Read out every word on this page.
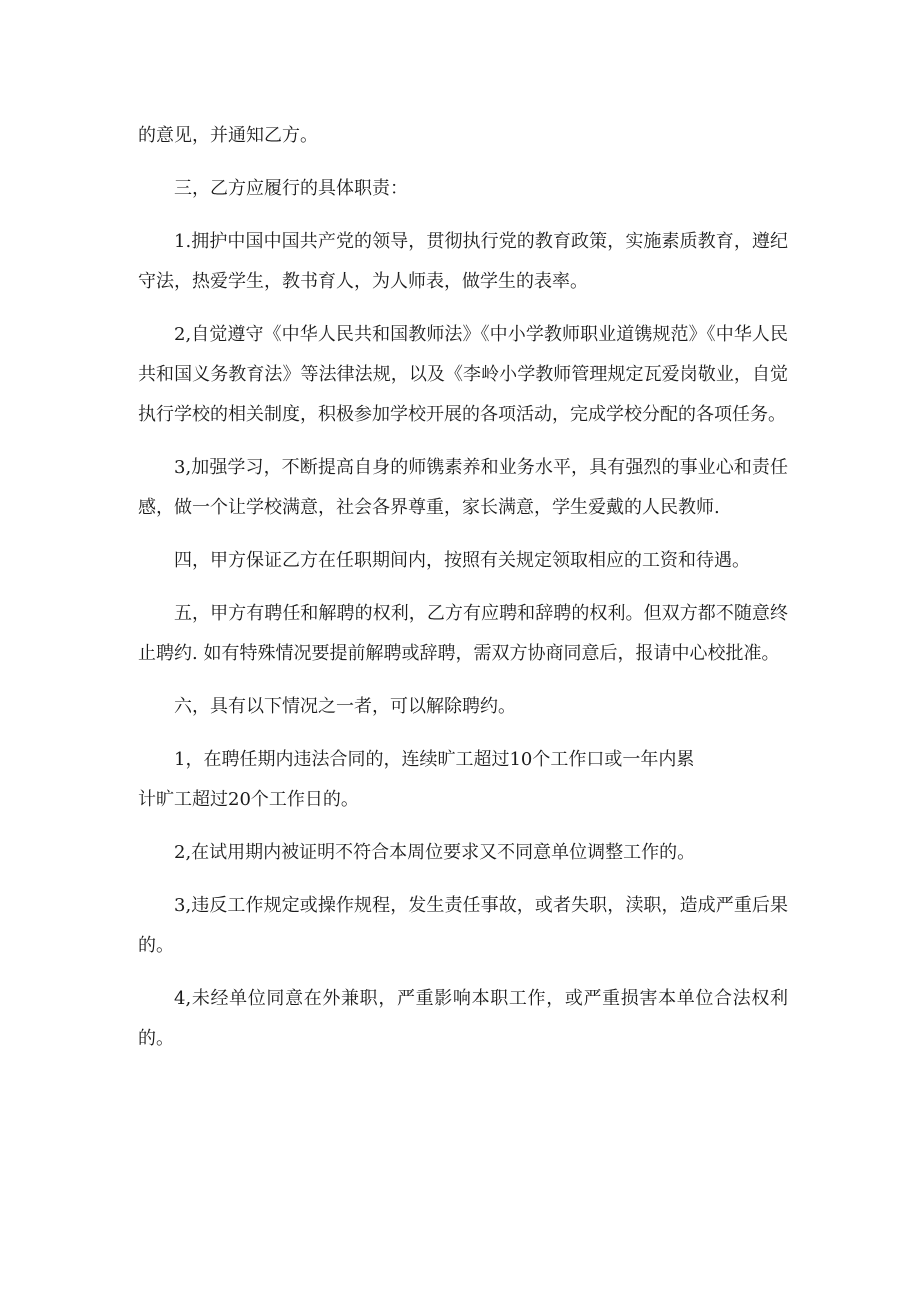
的意见，并通知乙方。

三，乙方应履行的具体职责：

1.拥护中国中国共产党的领导，贯彻执行党的教育政策，实施素质教育，遵纪守法，热爱学生，教书育人，为人师表，做学生的表率。

2,自觉遵守《中华人民共和国教师法》《中小学教师职业道镌规范》《中华人民共和国义务教育法》等法律法规，以及《李岭小学教师管理规定瓦爱岗敬业，自觉执行学校的相关制度，积极参加学校开展的各项活动，完成学校分配的各项任务。

3,加强学习，不断提高自身的师镌素养和业务水平，具有强烈的事业心和责任感，做一个让学校满意，社会各界尊重，家长满意，学生爱戴的人民教师.

四，甲方保证乙方在任职期间内，按照有关规定领取相应的工资和待遇。

五，甲方有聘任和解聘的权利，乙方有应聘和辞聘的权利。但双方都不随意终止聘约. 如有特殊情况要提前解聘或辞聘，需双方协商同意后，报请中心校批准。

六，具有以下情况之一者，可以解除聘约。

1，在聘任期内违法合同的，连续旷工超过10个工作口或一年内累

计旷工超过20个工作日的。

2,在试用期内被证明不符合本周位要求又不同意单位调整工作的。

3,违反工作规定或操作规程，发生责任事故，或者失职，渎职，造成严重后果的。

4,未经单位同意在外兼职，严重影响本职工作，或严重损害本单位合法权利的。
